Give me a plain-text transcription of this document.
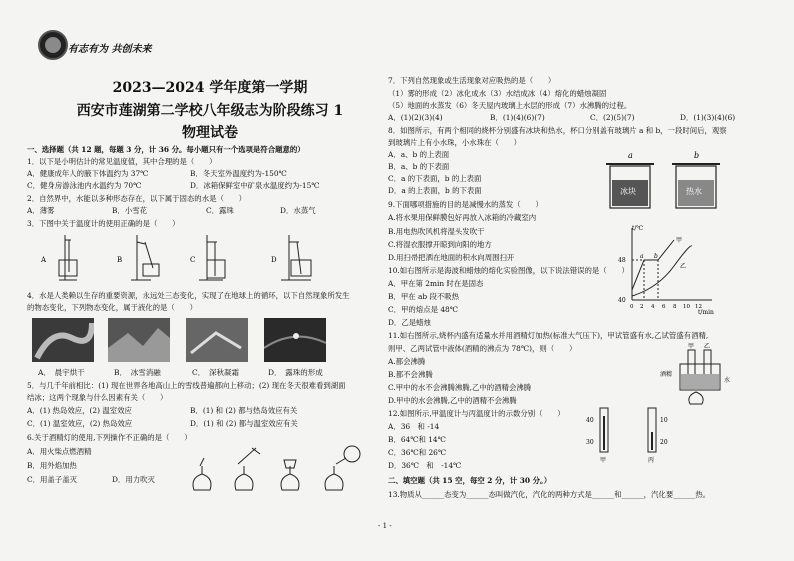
有志有为 共创未来
2023—2024 学年度第一学期
西安市莲湖第二学校八年级志为阶段练习 1
物理试卷
一、选择题（共 12 题，每题 3 分，计 36 分。每小题只有一个选项是符合题意的）
1．以下是小明估计的常见温度值，其中合理的是（　　）
A．健康成年人的腋下体温约为 37℃	B．冬天室外温度约为-150℃
C．健身房游泳池内水温约为 70℃	D．冰箱保鲜室中矿泉水温度约为-15℃
2．自然界中，水能以多种形态存在，以下属于固态的水是（　　）
A．薄雾	B．小雪花	C．露珠	D．水蒸气
3．下图中关于温度计的使用正确的是（　　）
A	B	C	D
4．水是人类赖以生存的重要资源，永远处三态变化，实现了在地球上的循环，以下自然现象所发生
的物态变化，下列物态变化，属于液化的是（　　）
A．　晨宇烘干	B．　冰雪消融	C．　深秋凝霜	D．　露珠的形成
5．与几千年前相比：(1) 现在世界各地高山上的雪线普遍都向上移动；(2) 现在冬天很难看到湖面
结冰；这两个现象与什么因素有关（　　）
A．(1) 热岛效应，(2) 温室效应	B．(1) 和 (2) 都与热岛效应有关
C．(1) 温室效应，(2) 热岛效应	D．(1) 和 (2) 都与温室效应有关
6.关于酒精灯的使用,下列操作不正确的是（　　）
A．用火柴点燃酒精
B．用外焰加热
C．用盖子盖灭	D．用力吹灭
7．下列自然现象或生活现象对应吸热的是（　　）
（1）雾的形成（2）冰化成水（3）水结成冰（4）熔化的蜡烛凝固
（5）地面的水蒸发（6）冬天屋内玻璃上水层的形成（7）水沸腾的过程。
A．(1)(2)(3)(4)	B．(1)(4)(6)(7)	C．(2)(5)(7)	D．(1)(3)(4)(6)
8．如图所示，有两个相同的烧杯分别盛有冰块和热水，杯口分别盖有玻璃片 a 和 b，一段时间后，观察
到玻璃片上有小水珠，小水珠在（　　）
A．a、b 的上表面
B．a、b 的下表面
C．a 的下表面，b 的上表面
D．a 的上表面，b 的下表面
a	b
冰块	热水
9.下面哪项措施的目的是减慢水的蒸发（　　）
A.将水果用保鲜膜包好再放入冰箱的冷藏室内
B.用电热吹风机将湿头发吹干
C.将湿衣服撑开晾到向阳的地方
D.用扫帚把洒在地面的积水向周围扫开
10.如右图所示是海波和蜡烛的熔化实验图像，以下说法错误的是（　　）
A．甲在第 2min 时在是固态
B．甲在 ab 段不吸热
C．甲的熔点是 48℃
D．乙是蜡烛
t/℃
t/min
甲
乙
40
48
a b
0 2 4 6 8 10 12
11.如右图所示,烧杯内盛有适量水并用酒精灯加热(标准大气压下)，甲试管盛有水,乙试管盛有酒精,
则甲、乙两试管中液体(酒精的沸点为 78℃)，则（　　）
A.都会沸腾
B.都不会沸腾
C.甲中的水不会沸腾沸腾,乙中的酒精会沸腾
D.甲中的水会沸腾,乙中的酒精不会沸腾
酒精
甲 乙
水
12.如图所示,甲温度计与丙温度计的示数分别（　　）
A．36　和 -14
B．64℃和 14℃
C．36℃和 26℃
D．36℃　和　-14℃
40
30
10
20
甲	丙
二、填空题（共 15 空，每空 2 分，计 30 分。）
13.物质从______态变为______态叫做汽化，汽化的两种方式是______和______，汽化要______热。
- 1 -
